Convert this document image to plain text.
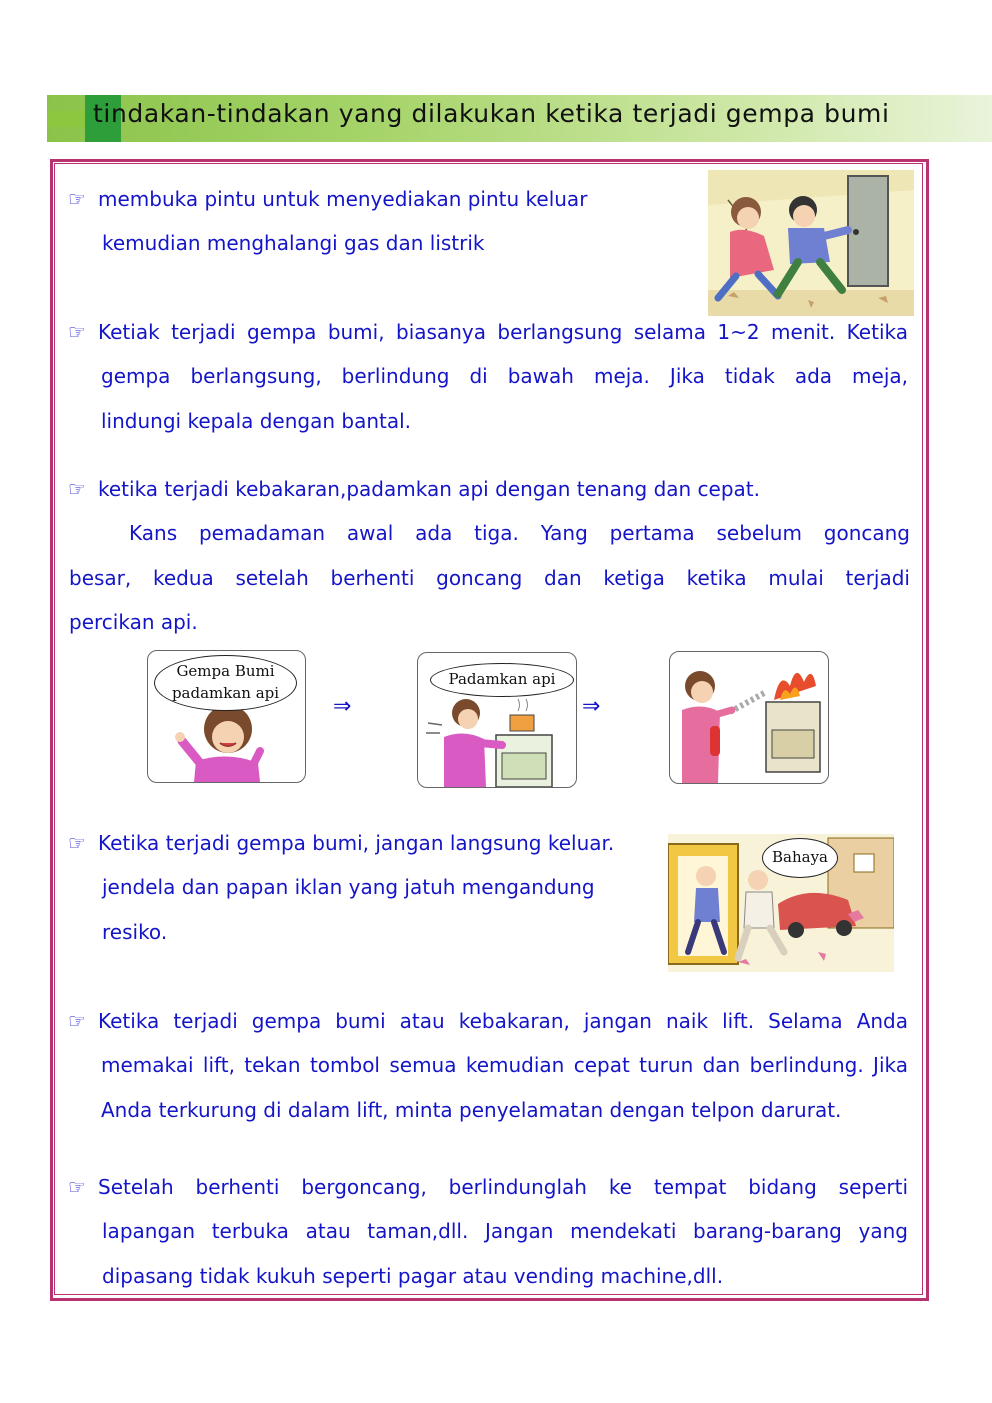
tindakan-tindakan yang dilakukan ketika terjadi gempa bumi
☞ membuka pintu untuk menyediakan pintu keluar
kemudian menghalangi gas dan listrik
☞ Ketiak terjadi gempa bumi, biasanya berlangsung selama 1~2 menit. Ketika
gempa berlangsung, berlindung di bawah meja. Jika tidak ada meja,
lindungi kepala dengan bantal.
☞ ketika terjadi kebakaran,padamkan api dengan tenang dan cepat.
Kans pemadaman awal ada tiga. Yang pertama sebelum goncang
besar, kedua setelah berhenti goncang dan ketiga ketika mulai terjadi
percikan api.
Gempa Bumi
padamkan api
⇒
Padamkan api
⇒
☞ Ketika terjadi gempa bumi, jangan langsung keluar.
jendela dan papan iklan yang jatuh mengandung
resiko.
Bahaya
☞ Ketika terjadi gempa bumi atau kebakaran, jangan naik lift. Selama Anda
memakai lift, tekan tombol semua kemudian cepat turun dan berlindung. Jika
Anda terkurung di dalam lift, minta penyelamatan dengan telpon darurat.
☞ Setelah berhenti bergoncang, berlindunglah ke tempat bidang seperti
lapangan terbuka atau taman,dll. Jangan mendekati barang-barang yang
dipasang tidak kukuh seperti pagar atau vending machine,dll.
